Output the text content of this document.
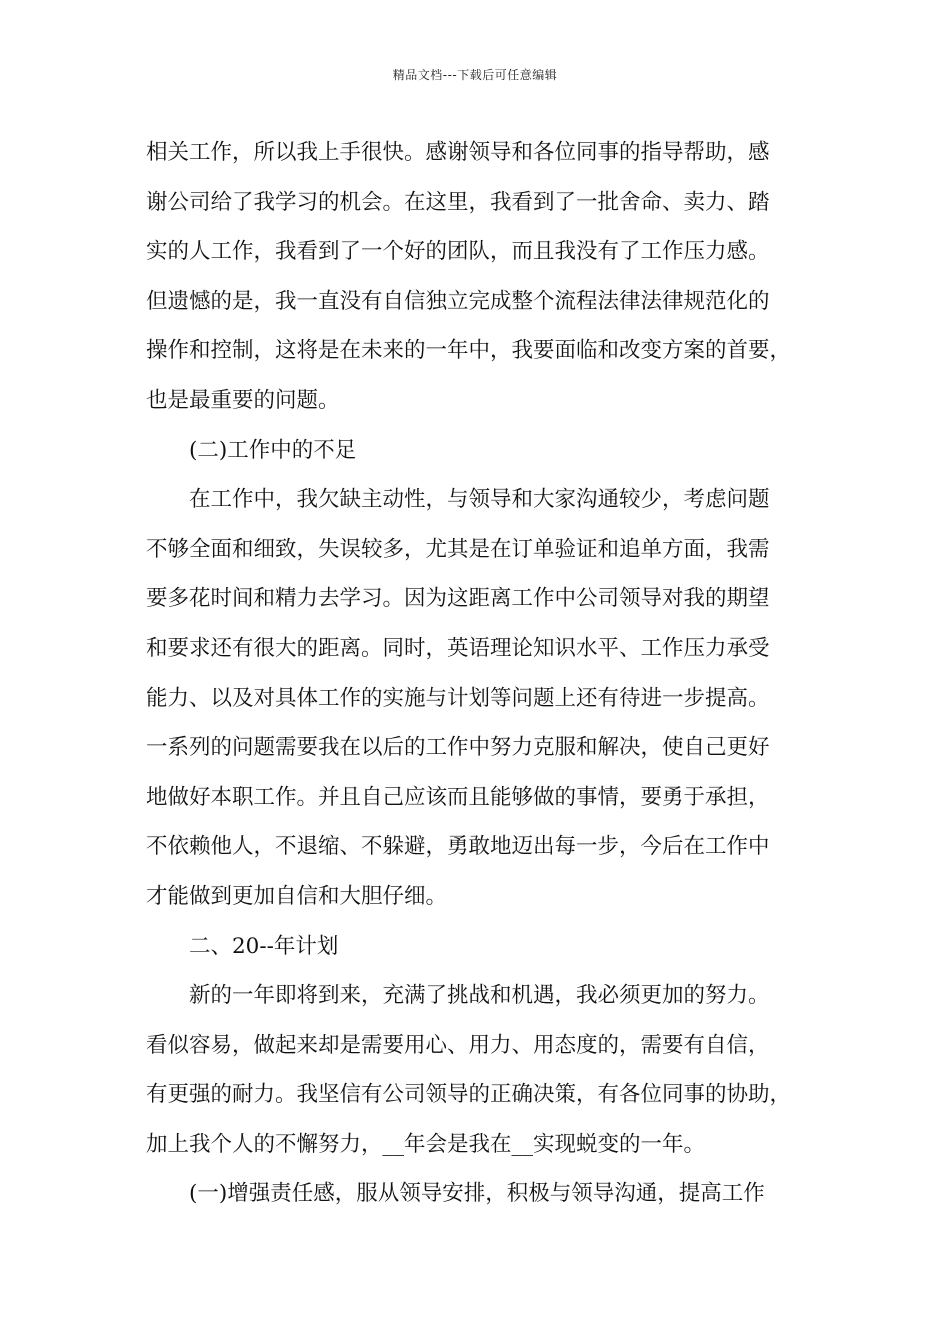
精品文档---下载后可任意编辑
相关工作，所以我上手很快。感谢领导和各位同事的指导帮助，感
谢公司给了我学习的机会。在这里，我看到了一批舍命、卖力、踏
实的人工作，我看到了一个好的团队，而且我没有了工作压力感。
但遗憾的是，我一直没有自信独立完成整个流程法律法律规范化的
操作和控制，这将是在未来的一年中，我要面临和改变方案的首要，
也是最重要的问题。
(二)工作中的不足
在工作中，我欠缺主动性，与领导和大家沟通较少，考虑问题
不够全面和细致，失误较多，尤其是在订单验证和追单方面，我需
要多花时间和精力去学习。因为这距离工作中公司领导对我的期望
和要求还有很大的距离。同时，英语理论知识水平、工作压力承受
能力、以及对具体工作的实施与计划等问题上还有待进一步提高。
一系列的问题需要我在以后的工作中努力克服和解决，使自己更好
地做好本职工作。并且自己应该而且能够做的事情，要勇于承担，
不依赖他人，不退缩、不躲避，勇敢地迈出每一步，今后在工作中
才能做到更加自信和大胆仔细。
二、20--年计划
新的一年即将到来，充满了挑战和机遇，我必须更加的努力。
看似容易，做起来却是需要用心、用力、用态度的，需要有自信，
有更强的耐力。我坚信有公司领导的正确决策，有各位同事的协助，
加上我个人的不懈努力，__年会是我在__实现蜕变的一年。
(一)增强责任感，服从领导安排，积极与领导沟通，提高工作
